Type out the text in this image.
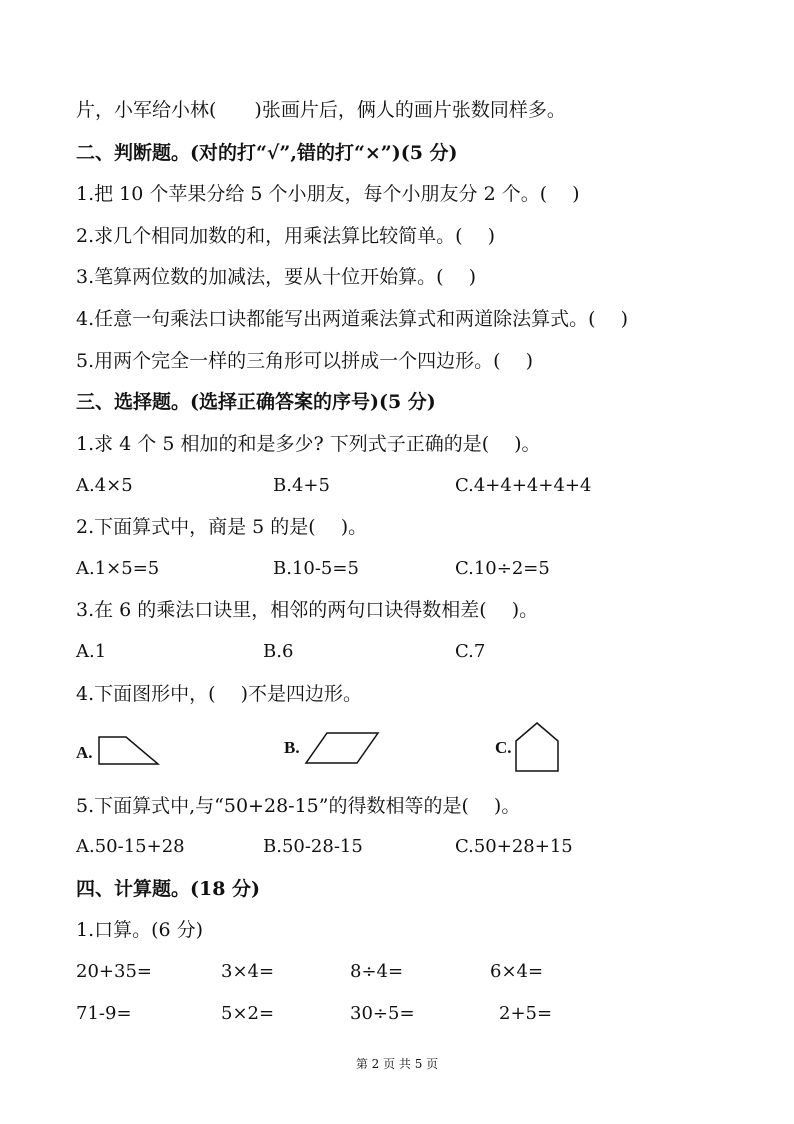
片，小军给小林(　　)张画片后，俩人的画片张数同样多。
二、判断题。(对的打“√”,错的打“×”)(5 分)
1.把 10 个苹果分给 5 个小朋友，每个小朋友分 2 个。(　 )
2.求几个相同加数的和，用乘法算比较简单。(　 )
3.笔算两位数的加减法，要从十位开始算。(　 )
4.任意一句乘法口诀都能写出两道乘法算式和两道除法算式。(　 )
5.用两个完全一样的三角形可以拼成一个四边形。(　 )
三、选择题。(选择正确答案的序号)(5 分)
1.求 4 个 5 相加的和是多少? 下列式子正确的是(　 )。
A.4×5	B.4+5	C.4+4+4+4+4
2.下面算式中，商是 5 的是(　 )。
A.1×5=5	B.10-5=5	C.10÷2=5
3.在 6 的乘法口诀里，相邻的两句口诀得数相差(　 )。
A.1	B.6	C.7
4.下面图形中，(　 )不是四边形。
A.	B.	C.
5.下面算式中,与“50+28-15”的得数相等的是(　 )。
A.50-15+28	B.50-28-15	C.50+28+15
四、计算题。(18 分)
1.口算。(6 分)
20+35=	3×4=	8÷4=	6×4=
71-9=	5×2=	30÷5=	2+5=
第 2 页 共 5 页
